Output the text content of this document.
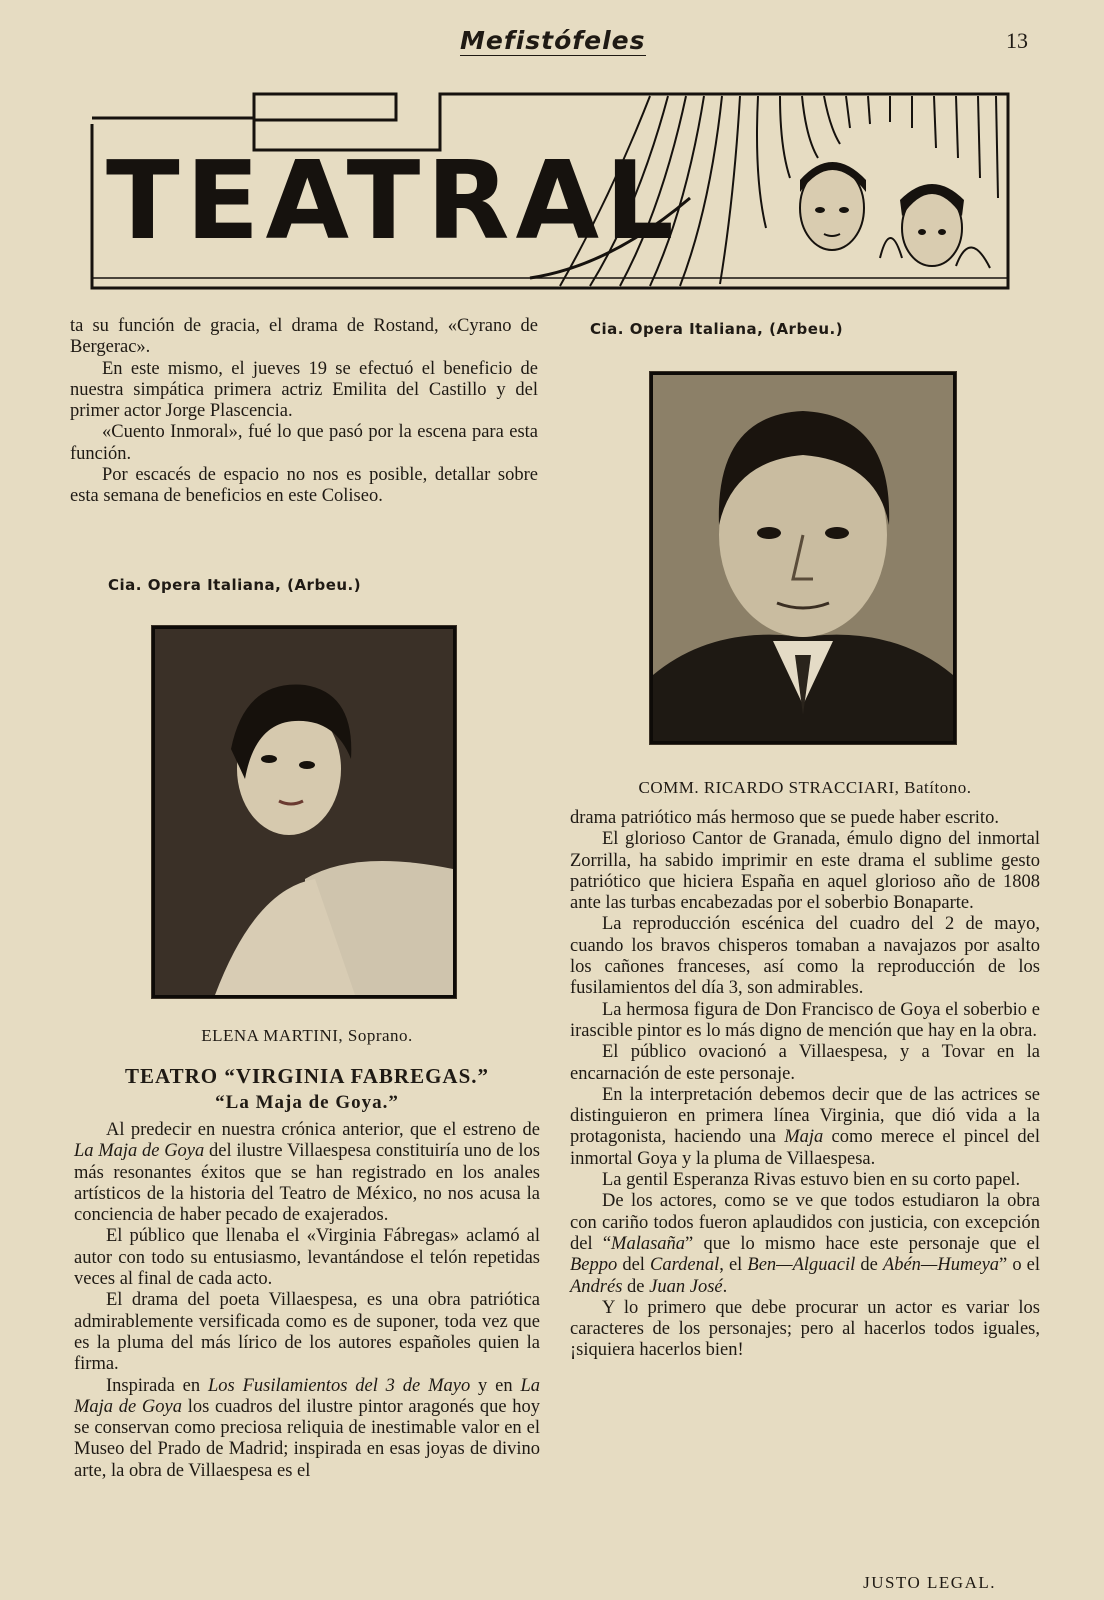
Mefistófeles	13
TEATRAL

ta su función de gracia, el drama de Rostand, «Cyrano de Bergerac».

En este mismo, el jueves 19 se efectuó el beneficio de nuestra simpática primera actriz Emilita del Castillo y del primer actor Jorge Plascencia.

«Cuento Inmoral», fué lo que pasó por la escena para esta función.

Por escacés de espacio no nos es posible, detallar sobre esta semana de beneficios en este Coliseo.

Cia. Opera Italiana, (Arbeu.)
ELENA MARTINI, Soprano.
Cia. Opera Italiana, (Arbeu.)
COMM. RICARDO STRACCIARI, Batítono.
TEATRO “VIRGINIA FABREGAS.”
“La Maja de Goya.”

Al predecir en nuestra crónica anterior, que el estreno de La Maja de Goya del ilustre Villaespesa constituiría uno de los más resonantes éxitos que se han registrado en los anales artísticos de la historia del Teatro de México, no nos acusa la conciencia de haber pecado de exajerados.

El público que llenaba el «Virginia Fábregas» aclamó al autor con todo su entusiasmo, levantándose el telón repetidas veces al final de cada acto.

El drama del poeta Villaespesa, es una obra patriótica admirablemente versificada como es de suponer, toda vez que es la pluma del más lírico de los autores españoles quien la firma.

Inspirada en Los Fusilamientos del 3 de Mayo y en La Maja de Goya los cuadros del ilustre pintor aragonés que hoy se conservan como preciosa reliquia de inestimable valor en el Museo del Prado de Madrid; inspirada en esas joyas de divino arte, la obra de Villaespesa es el

drama patriótico más hermoso que se puede haber escrito.

El glorioso Cantor de Granada, émulo digno del inmortal Zorrilla, ha sabido imprimir en este drama el sublime gesto patriótico que hiciera España en aquel glorioso año de 1808 ante las turbas encabezadas por el soberbio Bonaparte.

La reproducción escénica del cuadro del 2 de mayo, cuando los bravos chisperos tomaban a navajazos por asalto los cañones franceses, así como la reproducción de los fusilamientos del día 3, son admirables.

La hermosa figura de Don Francisco de Goya el soberbio e irascible pintor es lo más digno de mención que hay en la obra.

El público ovacionó a Villaespesa, y a Tovar en la encarnación de este personaje.

En la interpretación debemos decir que de las actrices se distinguieron en primera línea Virginia, que dió vida a la protagonista, haciendo una Maja como merece el pincel del inmortal Goya y la pluma de Villaespesa.

La gentil Esperanza Rivas estuvo bien en su corto papel.

De los actores, como se ve que todos estudiaron la obra con cariño todos fueron aplaudidos con justicia, con excepción del “Malasaña” que lo mismo hace este personaje que el Beppo del Cardenal, el Ben—Alguacil de Abén—Humeya” o el Andrés de Juan José.

Y lo primero que debe procurar un actor es variar los caracteres de los personajes; pero al hacerlos todos iguales, ¡siquiera hacerlos bien!

JUSTO LEGAL.
